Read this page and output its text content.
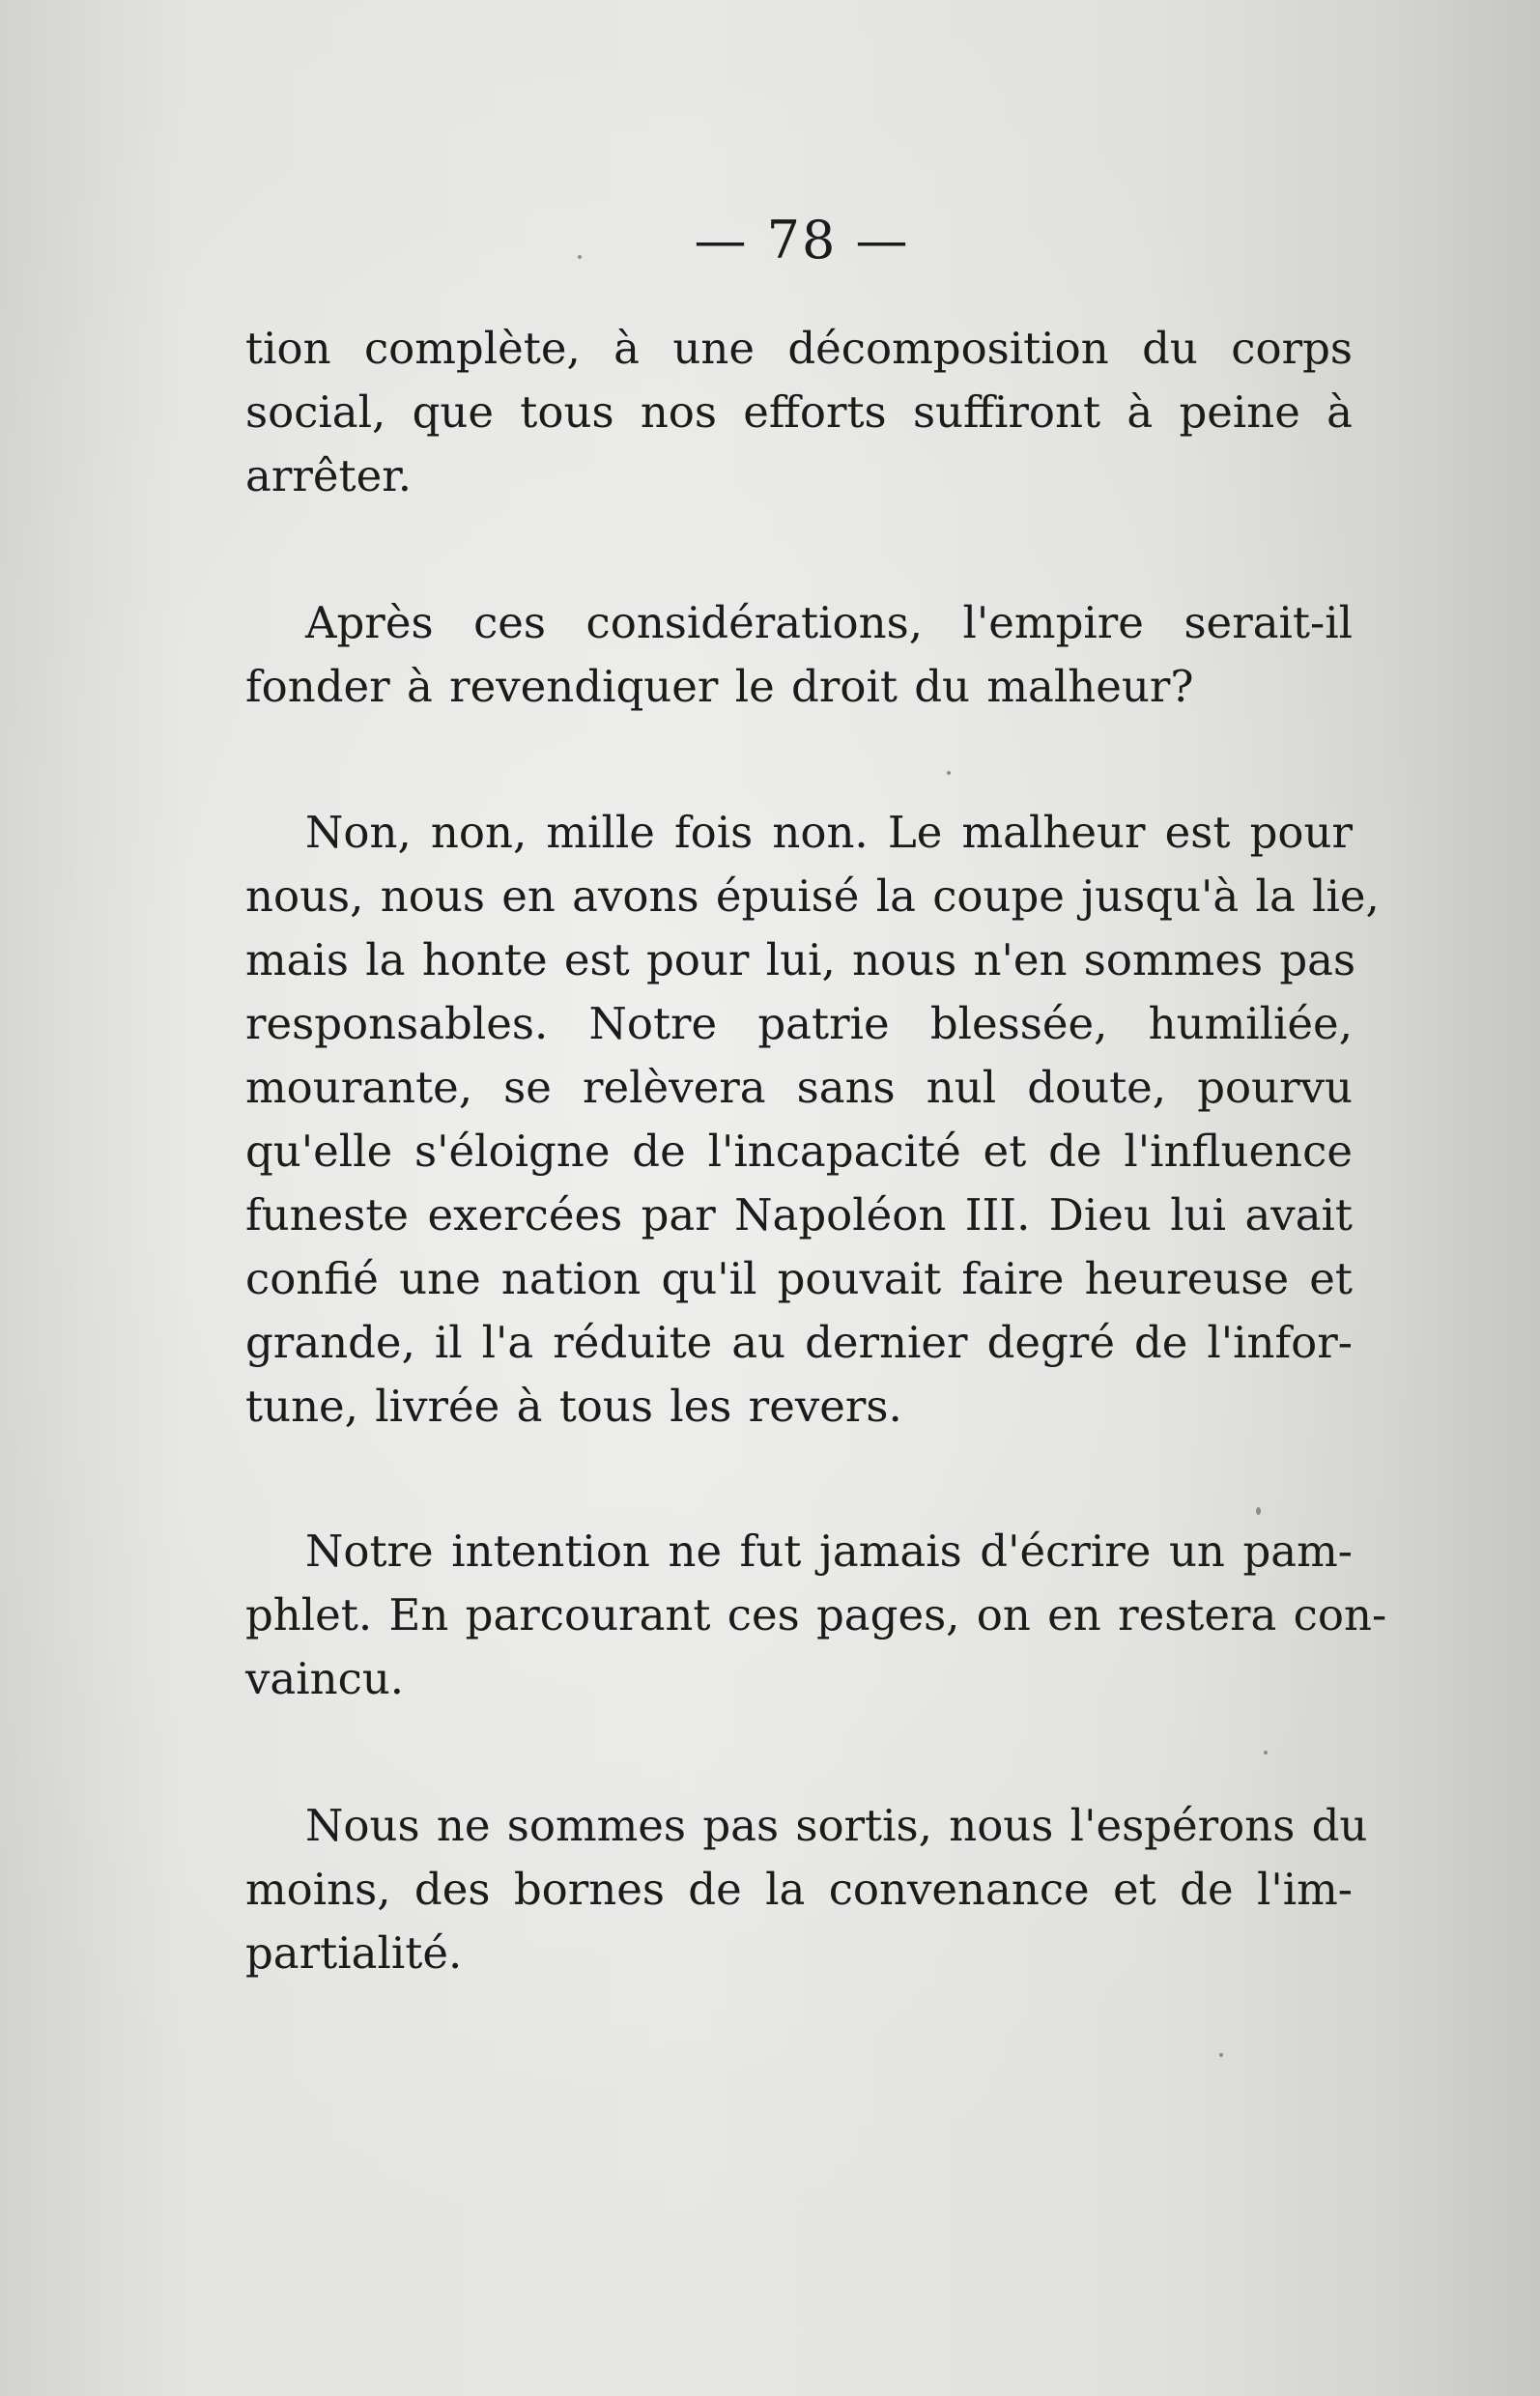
— 78 —
tion complète, à une décomposition du corps
social, que tous nos efforts suffiront à peine à
arrêter.
Après ces considérations, l'empire serait-il
fonder à revendiquer le droit du malheur?
Non, non, mille fois non. Le malheur est pour
nous, nous en avons épuisé la coupe jusqu'à la lie,
mais la honte est pour lui, nous n'en sommes pas
responsables. Notre patrie blessée, humiliée,
mourante, se relèvera sans nul doute, pourvu
qu'elle s'éloigne de l'incapacité et de l'influence
funeste exercées par Napoléon III. Dieu lui avait
confié une nation qu'il pouvait faire heureuse et
grande, il l'a réduite au dernier degré de l'infor-
tune, livrée à tous les revers.
Notre intention ne fut jamais d'écrire un pam-
phlet. En parcourant ces pages, on en restera con-
vaincu.
Nous ne sommes pas sortis, nous l'espérons du
moins, des bornes de la convenance et de l'im-
partialité.
